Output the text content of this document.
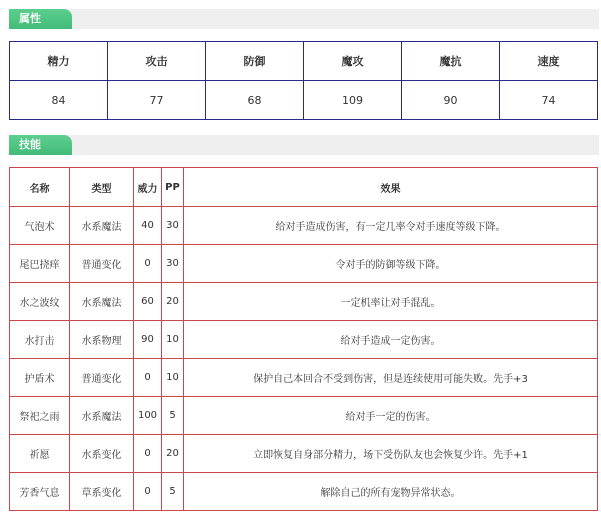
属性
精力	攻击	防御	魔攻	魔抗	速度
84	77	68	109	90	74
技能
名称	类型	威力	PP	效果
气泡术	水系魔法	40	30	给对手造成伤害，有一定几率令对手速度等级下降。
尾巴挠痒	普通变化	0	30	令对手的防御等级下降。
水之波纹	水系魔法	60	20	一定机率让对手混乱。
水打击	水系物理	90	10	给对手造成一定伤害。
护盾术	普通变化	0	10	保护自己本回合不受到伤害，但是连续使用可能失败。先手+3
祭祀之雨	水系魔法	100	5	给对手一定的伤害。
祈愿	水系变化	0	20	立即恢复自身部分精力，场下受伤队友也会恢复少许。先手+1
芳香气息	草系变化	0	5	解除自己的所有宠物异常状态。
